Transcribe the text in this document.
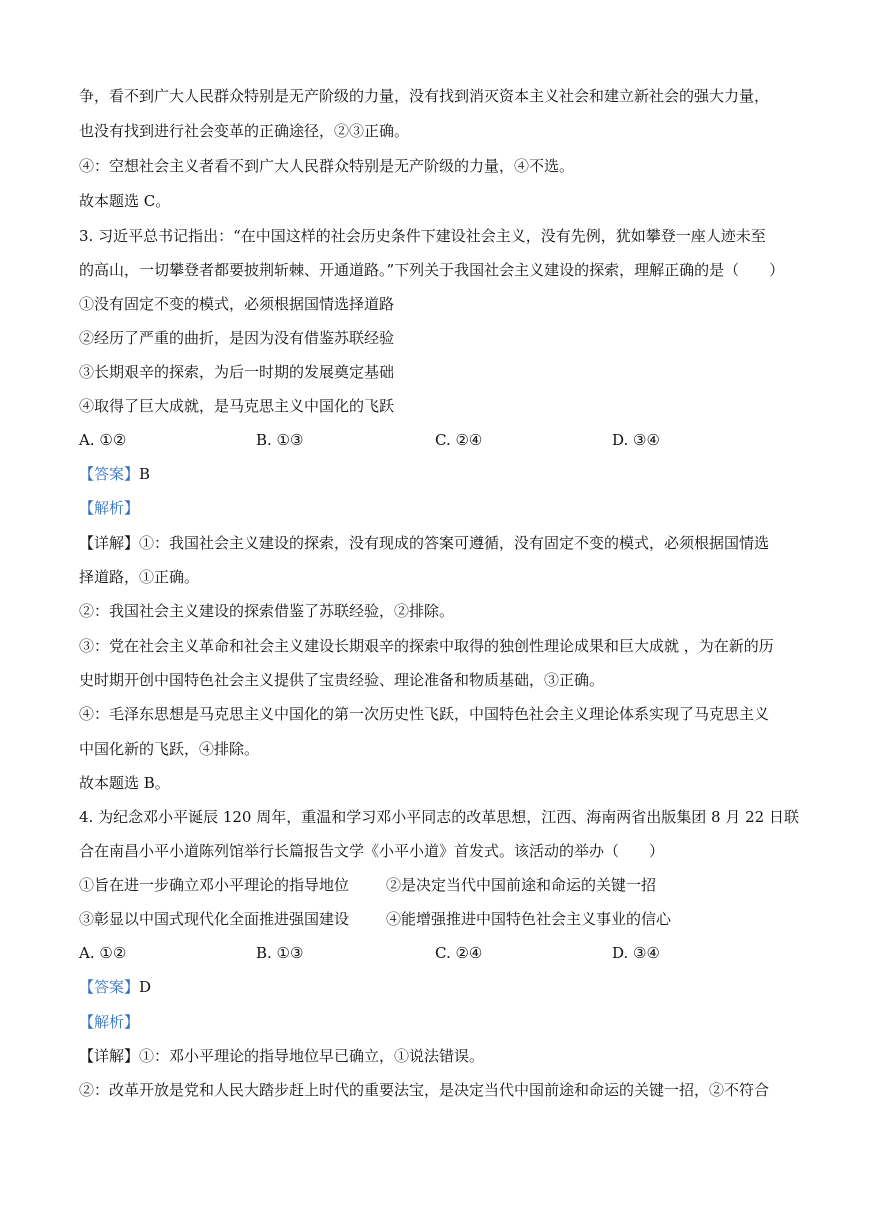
争，看不到广大人民群众特别是无产阶级的力量，没有找到消灭资本主义社会和建立新社会的强大力量，
也没有找到进行社会变革的正确途径，②③正确。
④：空想社会主义者看不到广大人民群众特别是无产阶级的力量，④不选。
故本题选 C。
3. 习近平总书记指出：“在中国这样的社会历史条件下建设社会主义，没有先例，犹如攀登一座人迹未至
的高山，一切攀登者都要披荆斩棘、开通道路。”下列关于我国社会主义建设的探索，理解正确的是（　　）
①没有固定不变的模式，必须根据国情选择道路
②经历了严重的曲折，是因为没有借鉴苏联经验
③长期艰辛的探索，为后一时期的发展奠定基础
④取得了巨大成就，是马克思主义中国化的飞跃
A. ①②	B. ①③	C. ②④	D. ③④
【答案】B
【解析】
【详解】①：我国社会主义建设的探索，没有现成的答案可遵循，没有固定不变的模式，必须根据国情选
择道路，①正确。
②：我国社会主义建设的探索借鉴了苏联经验，②排除。
③：党在社会主义革命和社会主义建设长期艰辛的探索中取得的独创性理论成果和巨大成就 ，为在新的历
史时期开创中国特色社会主义提供了宝贵经验、理论准备和物质基础，③正确。
④：毛泽东思想是马克思主义中国化的第一次历史性飞跃，中国特色社会主义理论体系实现了马克思主义
中国化新的飞跃，④排除。
故本题选 B。
4. 为纪念邓小平诞辰 120 周年，重温和学习邓小平同志的改革思想，江西、海南两省出版集团 8 月 22 日联
合在南昌小平小道陈列馆举行长篇报告文学《小平小道》首发式。该活动的举办（　　）
①旨在进一步确立邓小平理论的指导地位 ②是决定当代中国前途和命运的关键一招
③彰显以中国式现代化全面推进强国建设 ④能增强推进中国特色社会主义事业的信心
A. ①②	B. ①③	C. ②④	D. ③④
【答案】D
【解析】
【详解】①：邓小平理论的指导地位早已确立，①说法错误。
②：改革开放是党和人民大踏步赶上时代的重要法宝，是决定当代中国前途和命运的关键一招，②不符合
